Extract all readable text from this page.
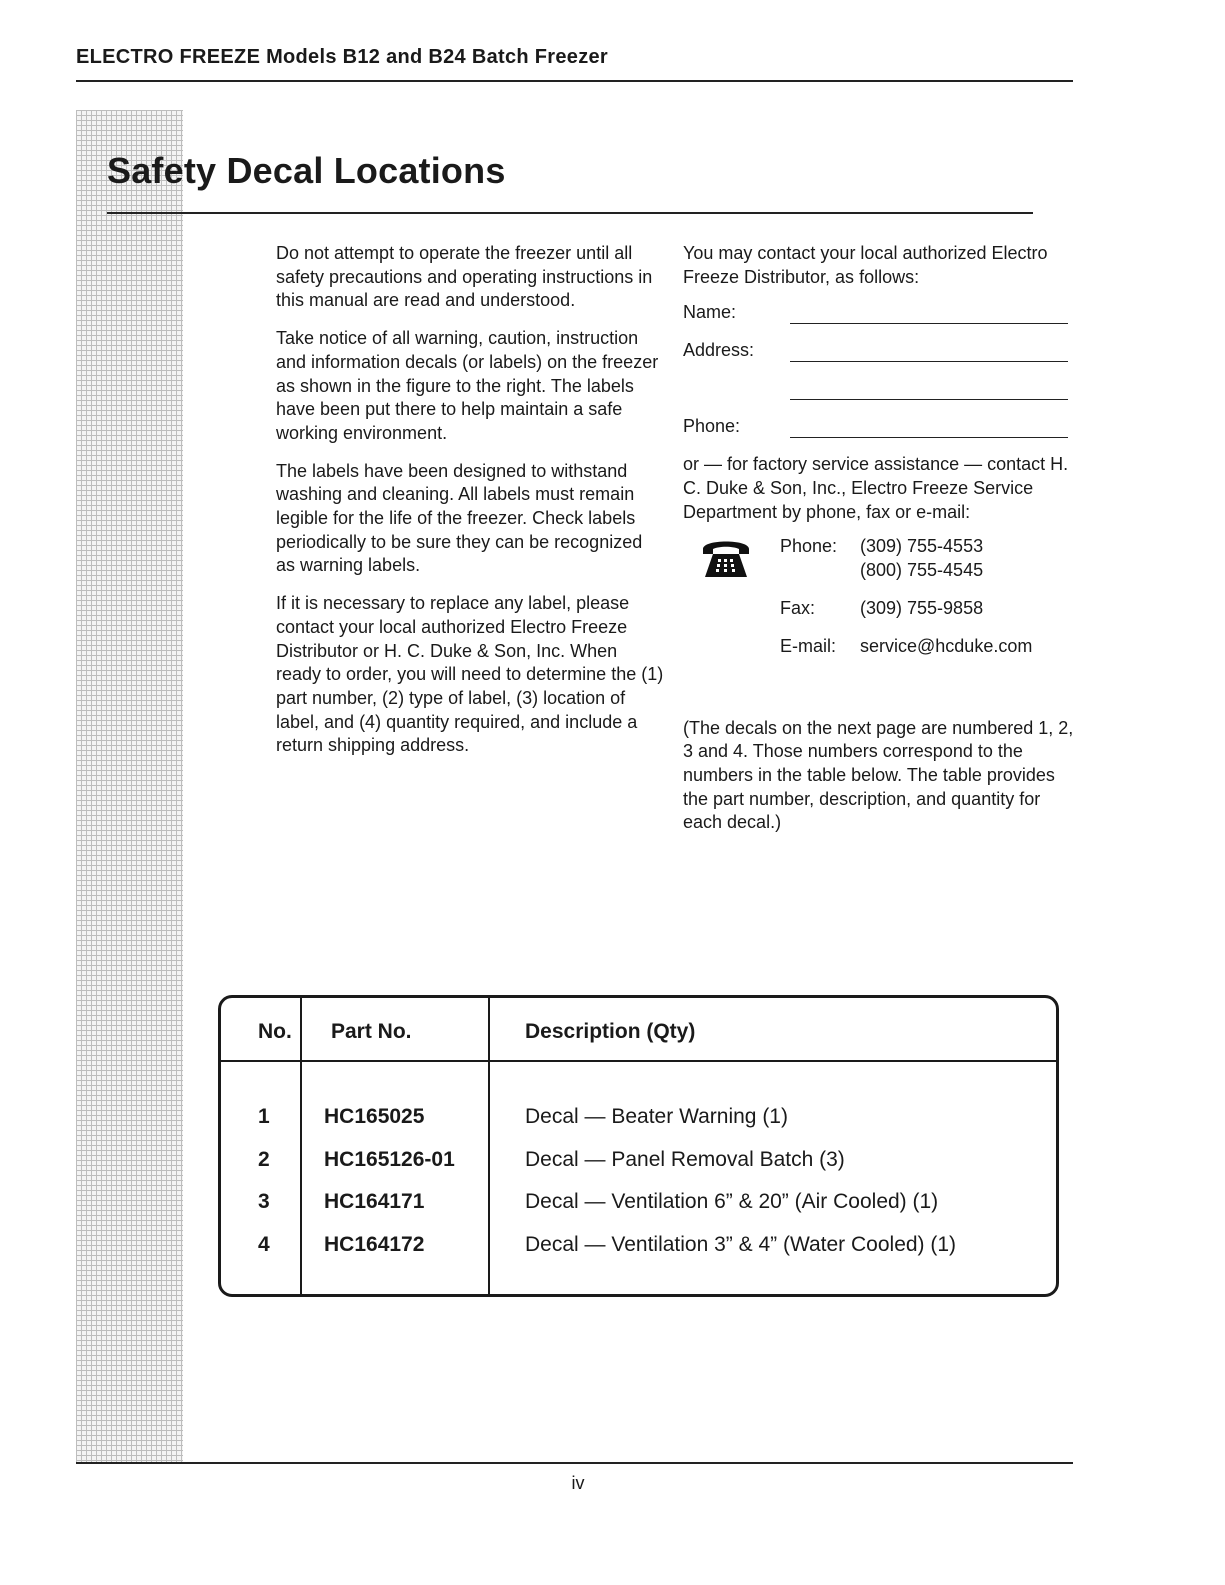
ELECTRO FREEZE Models B12 and B24 Batch Freezer
Safety Decal Locations

Do not attempt to operate the freezer until all safety precautions and operating instructions in this manual are read and understood.

Take notice of all warning, caution, instruction and information decals (or labels) on the freezer as shown in the figure to the right. The labels have been put there to help maintain a safe working environment.

The labels have been designed to withstand washing and cleaning. All labels must remain legible for the life of the freezer. Check labels periodically to be sure they can be recognized as warning labels.

If it is necessary to replace any label, please contact your local authorized Electro Freeze Distributor or H. C. Duke & Son, Inc. When ready to order, you will need to determine the (1) part number, (2) type of label, (3) location of label, and (4) quantity required, and include a return shipping address.

You may contact your local authorized Electro Freeze Distributor, as follows:

Name:
Address:
Phone:

or — for factory service assistance — contact H. C. Duke & Son, Inc., Electro Freeze Service Department by phone, fax or e-mail:

Phone: (309) 755-4553
(800) 755-4545
Fax: (309) 755-9858
E-mail: service@hcduke.com

(The decals on the next page are numbered 1, 2, 3 and 4. Those numbers correspond to the numbers in the table below. The table provides the part number, description, and quantity for each decal.)

No. Part No.	Description (Qty)
1	HC165025	Decal — Beater Warning (1)
2	HC165126-01	Decal — Panel Removal Batch (3)
3	HC164171	Decal — Ventilation 6” & 20” (Air Cooled) (1)
4	HC164172	Decal — Ventilation 3” & 4” (Water Cooled) (1)
iv
